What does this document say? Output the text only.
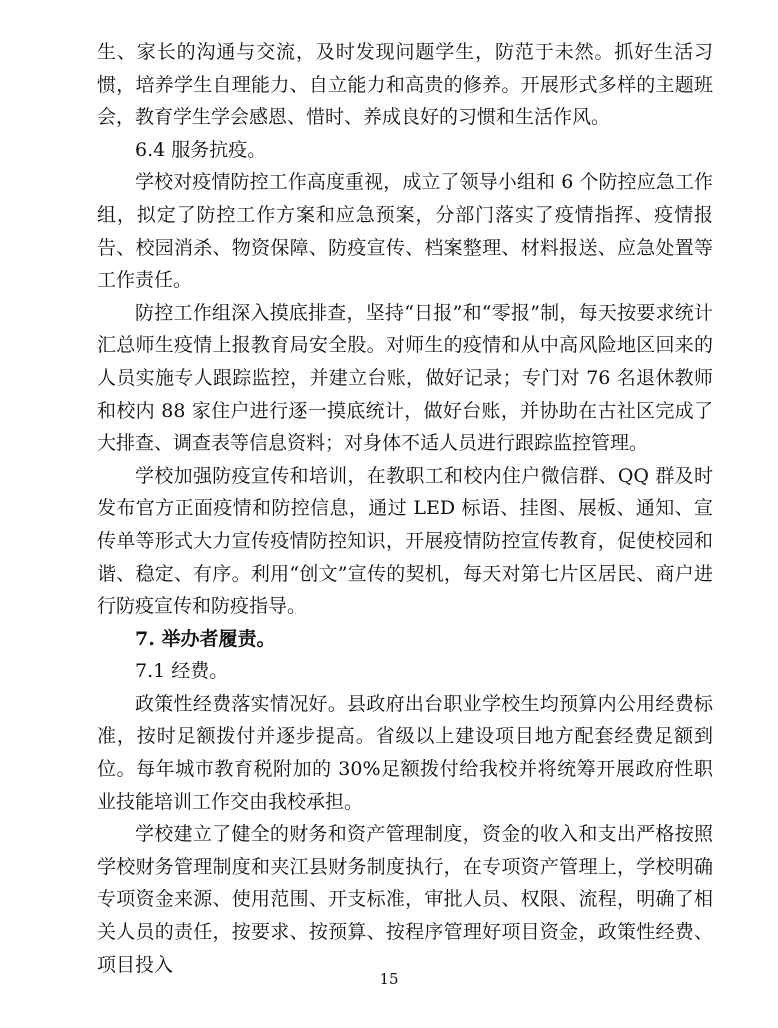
生、家长的沟通与交流，及时发现问题学生，防范于未然。抓好生活习惯，培养学生自理能力、自立能力和高贵的修养。开展形式多样的主题班会，教育学生学会感恩、惜时、养成良好的习惯和生活作风。

6.4 服务抗疫。

学校对疫情防控工作高度重视，成立了领导小组和 6 个防控应急工作组，拟定了防控工作方案和应急预案，分部门落实了疫情指挥、疫情报告、校园消杀、物资保障、防疫宣传、档案整理、材料报送、应急处置等工作责任。

防控工作组深入摸底排查，坚持“日报”和“零报”制，每天按要求统计汇总师生疫情上报教育局安全股。对师生的疫情和从中高风险地区回来的人员实施专人跟踪监控，并建立台账，做好记录；专门对 76 名退休教师和校内 88 家住户进行逐一摸底统计，做好台账，并协助在古社区完成了大排查、调查表等信息资料；对身体不适人员进行跟踪监控管理。

学校加强防疫宣传和培训，在教职工和校内住户微信群、QQ 群及时发布官方正面疫情和防控信息，通过 LED 标语、挂图、展板、通知、宣传单等形式大力宣传疫情防控知识，开展疫情防控宣传教育，促使校园和谐、稳定、有序。利用“创文”宣传的契机，每天对第七片区居民、商户进行防疫宣传和防疫指导。

7. 举办者履责。

7.1 经费。

政策性经费落实情况好。县政府出台职业学校生均预算内公用经费标准，按时足额拨付并逐步提高。省级以上建设项目地方配套经费足额到位。每年城市教育税附加的 30%足额拨付给我校并将统筹开展政府性职业技能培训工作交由我校承担。

学校建立了健全的财务和资产管理制度，资金的收入和支出严格按照学校财务管理制度和夹江县财务制度执行，在专项资产管理上，学校明确专项资金来源、使用范围、开支标准，审批人员、权限、流程，明确了相关人员的责任，按要求、按预算、按程序管理好项目资金，政策性经费、项目投入

15
